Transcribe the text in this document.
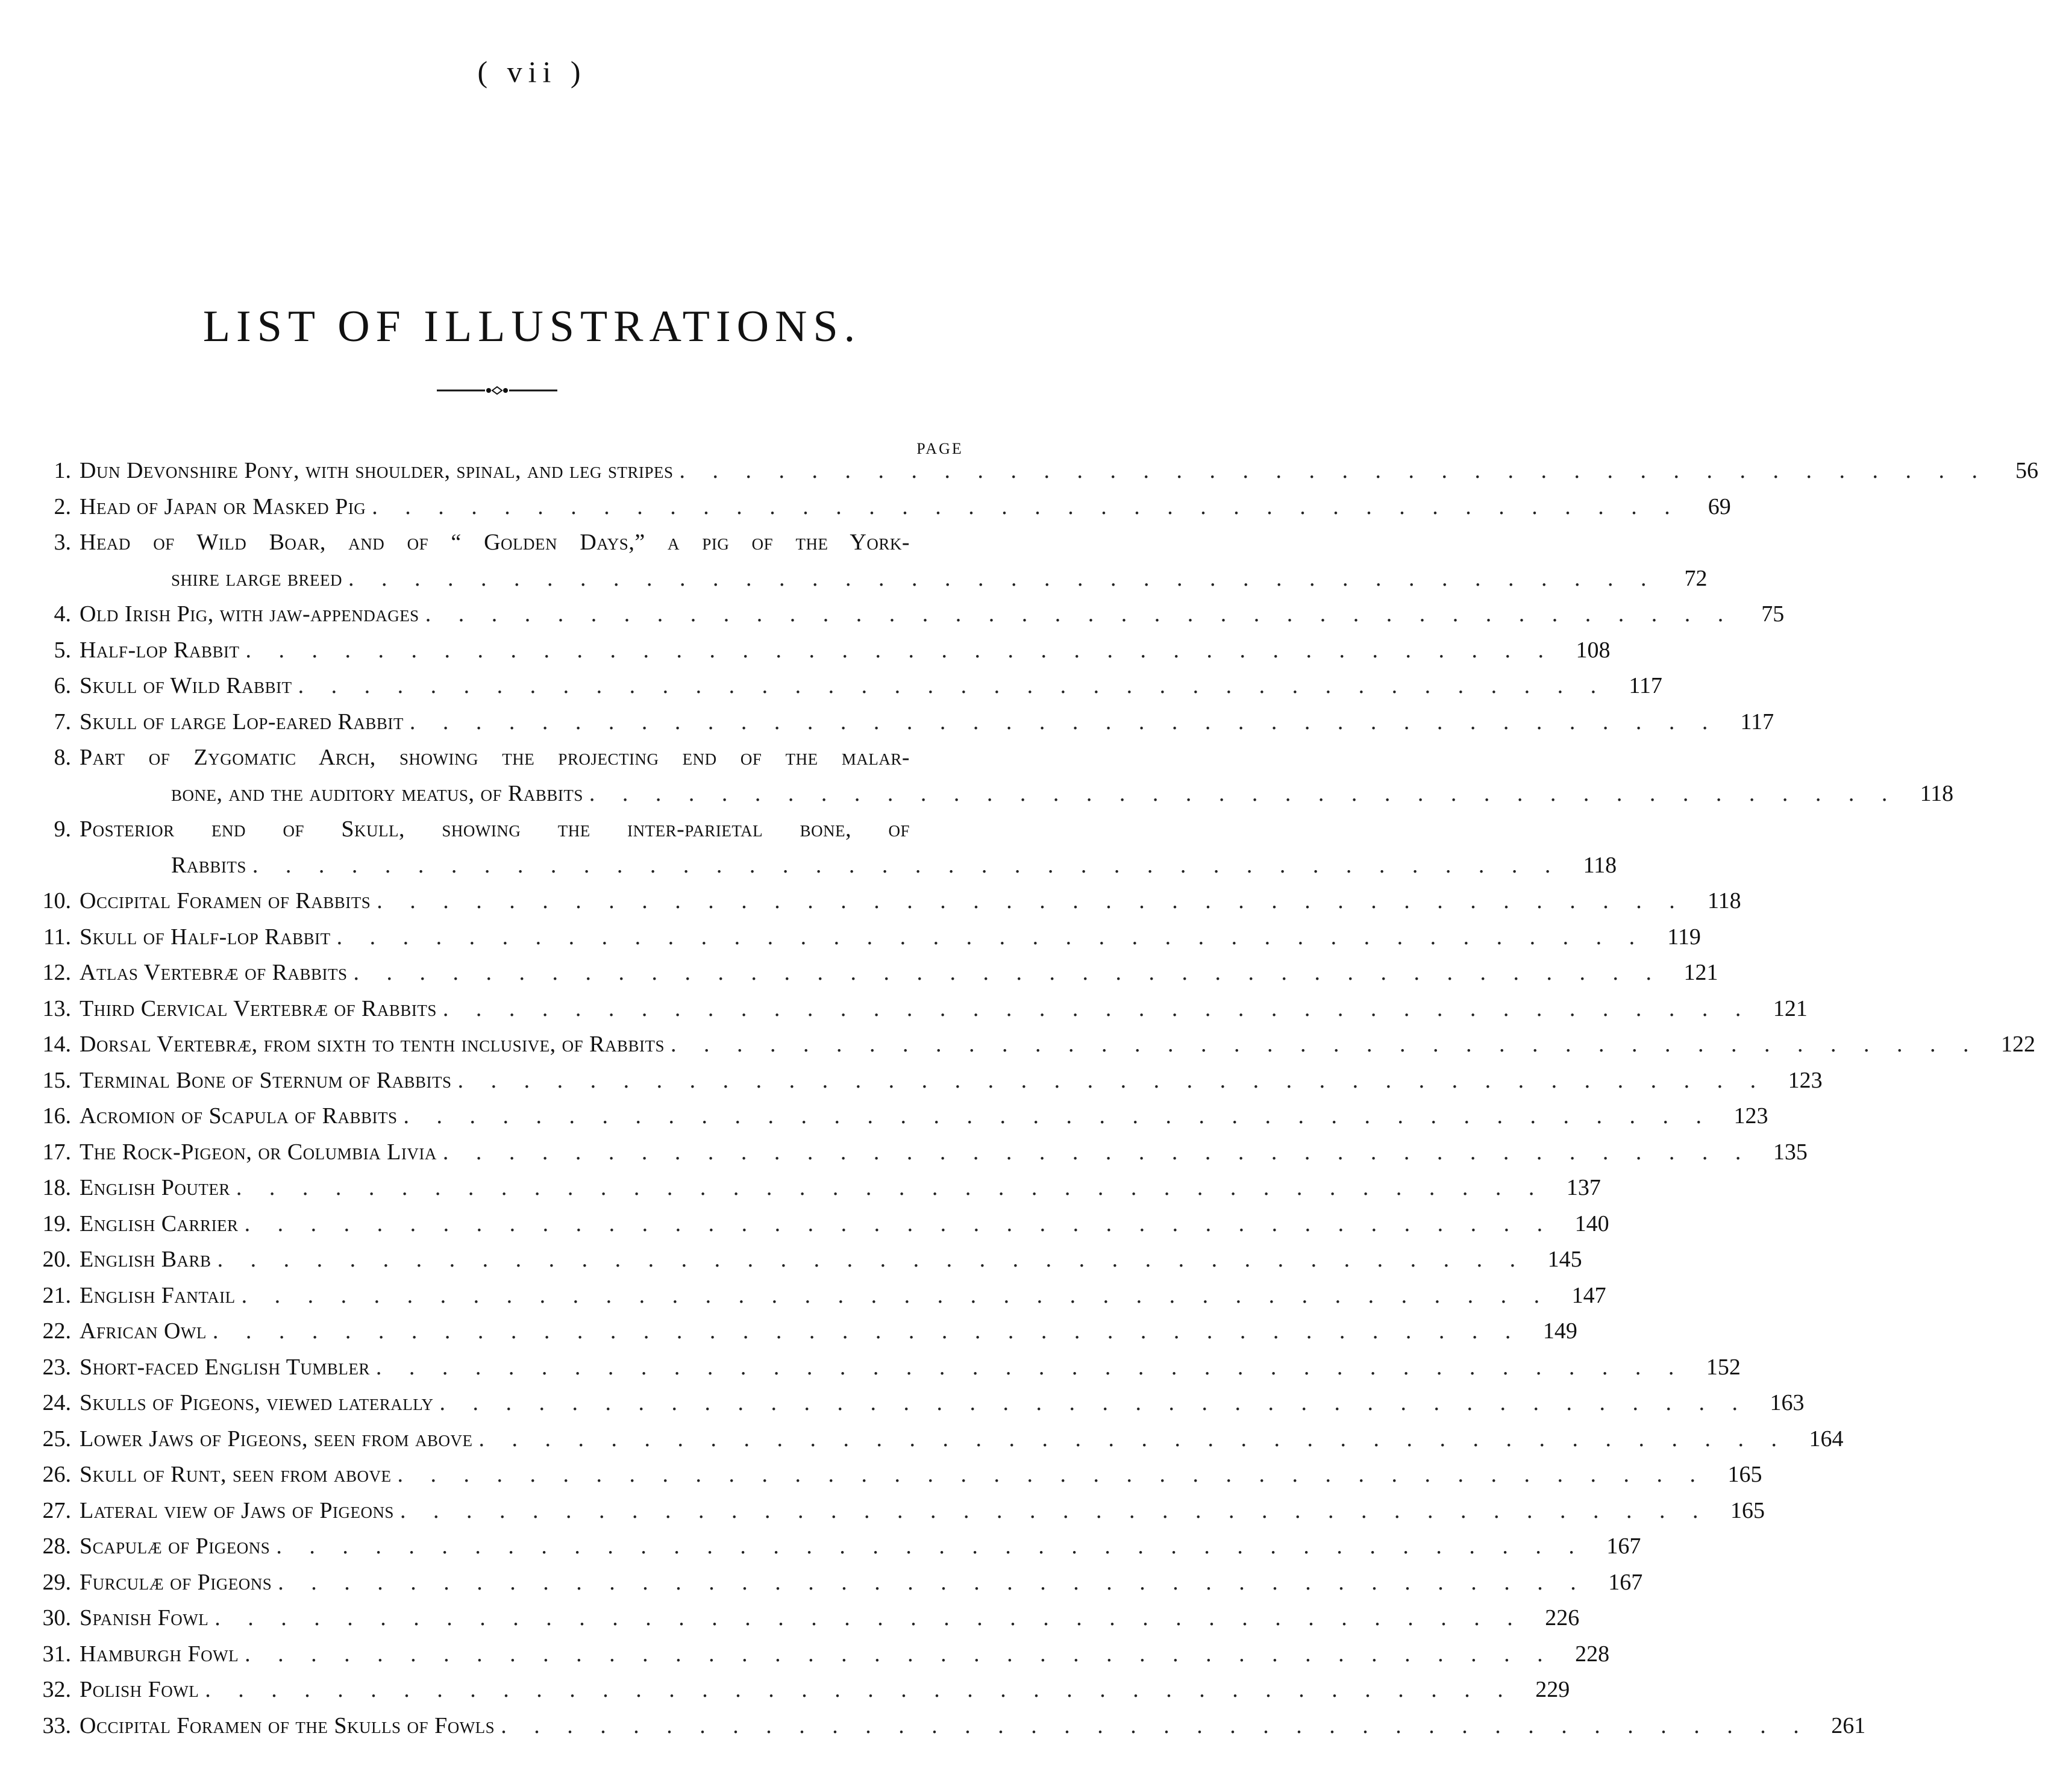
( vii )
LIST OF ILLUSTRATIONS.
PAGE
1. Dun Devonshire Pony, with shoulder, spinal, and leg stripes . . . . . . . . . . . . . . . . . . . . . . . . . . . . . . . . . . . . . . . .	56
2. Head of Japan or Masked Pig . . . . . . . . . . . . . . . . . . . . . . . . . . . . . . . . . . . . . . . .	69
3. Head of Wild Boar, and of “ Golden Days,” a pig of the York-
shire large breed . . . . . . . . . . . . . . . . . . . . . . . . . . . . . . . . . . . . . . . .	72
4. Old Irish Pig, with jaw-appendages . . . . . . . . . . . . . . . . . . . . . . . . . . . . . . . . . . . . . . . .	75
5. Half-lop Rabbit . . . . . . . . . . . . . . . . . . . . . . . . . . . . . . . . . . . . . . . . 108
6. Skull of Wild Rabbit . . . . . . . . . . . . . . . . . . . . . . . . . . . . . . . . . . . . . . . . 117
7. Skull of large Lop-eared Rabbit . . . . . . . . . . . . . . . . . . . . . . . . . . . . . . . . . . . . . . . . 117
8. Part of Zygomatic Arch, showing the projecting end of the malar-
bone, and the auditory meatus, of Rabbits . . . . . . . . . . . . . . . . . . . . . . . . . . . . . . . . . . . . . . . . 118
9. Posterior end of Skull, showing the inter-parietal bone, of
Rabbits . . . . . . . . . . . . . . . . . . . . . . . . . . . . . . . . . . . . . . . . 118
10. Occipital Foramen of Rabbits . . . . . . . . . . . . . . . . . . . . . . . . . . . . . . . . . . . . . . . . 118
11. Skull of Half-lop Rabbit . . . . . . . . . . . . . . . . . . . . . . . . . . . . . . . . . . . . . . . . 119
12. Atlas Vertebræ of Rabbits . . . . . . . . . . . . . . . . . . . . . . . . . . . . . . . . . . . . . . . . 121
13. Third Cervical Vertebræ of Rabbits . . . . . . . . . . . . . . . . . . . . . . . . . . . . . . . . . . . . . . . . 121
14. Dorsal Vertebræ, from sixth to tenth inclusive, of Rabbits . . . . . . . . . . . . . . . . . . . . . . . . . . . . . . . . . . . . . . . . 122
15. Terminal Bone of Sternum of Rabbits . . . . . . . . . . . . . . . . . . . . . . . . . . . . . . . . . . . . . . . . 123
16. Acromion of Scapula of Rabbits . . . . . . . . . . . . . . . . . . . . . . . . . . . . . . . . . . . . . . . . 123
17. The Rock-Pigeon, or Columbia Livia . . . . . . . . . . . . . . . . . . . . . . . . . . . . . . . . . . . . . . . . 135
18. English Pouter . . . . . . . . . . . . . . . . . . . . . . . . . . . . . . . . . . . . . . . . 137
19. English Carrier . . . . . . . . . . . . . . . . . . . . . . . . . . . . . . . . . . . . . . . . 140
20. English Barb . . . . . . . . . . . . . . . . . . . . . . . . . . . . . . . . . . . . . . . . 145
21. English Fantail . . . . . . . . . . . . . . . . . . . . . . . . . . . . . . . . . . . . . . . . 147
22. African Owl . . . . . . . . . . . . . . . . . . . . . . . . . . . . . . . . . . . . . . . . 149
23. Short-faced English Tumbler . . . . . . . . . . . . . . . . . . . . . . . . . . . . . . . . . . . . . . . . 152
24. Skulls of Pigeons, viewed laterally . . . . . . . . . . . . . . . . . . . . . . . . . . . . . . . . . . . . . . . . 163
25. Lower Jaws of Pigeons, seen from above . . . . . . . . . . . . . . . . . . . . . . . . . . . . . . . . . . . . . . . . 164
26. Skull of Runt, seen from above . . . . . . . . . . . . . . . . . . . . . . . . . . . . . . . . . . . . . . . . 165
27. Lateral view of Jaws of Pigeons . . . . . . . . . . . . . . . . . . . . . . . . . . . . . . . . . . . . . . . . 165
28. Scapulæ of Pigeons . . . . . . . . . . . . . . . . . . . . . . . . . . . . . . . . . . . . . . . . 167
29. Furculæ of Pigeons . . . . . . . . . . . . . . . . . . . . . . . . . . . . . . . . . . . . . . . . 167
30. Spanish Fowl . . . . . . . . . . . . . . . . . . . . . . . . . . . . . . . . . . . . . . . . 226
31. Hamburgh Fowl . . . . . . . . . . . . . . . . . . . . . . . . . . . . . . . . . . . . . . . . 228
32. Polish Fowl . . . . . . . . . . . . . . . . . . . . . . . . . . . . . . . . . . . . . . . . 229
33. Occipital Foramen of the Skulls of Fowls . . . . . . . . . . . . . . . . . . . . . . . . . . . . . . . . . . . . . . . . 261
